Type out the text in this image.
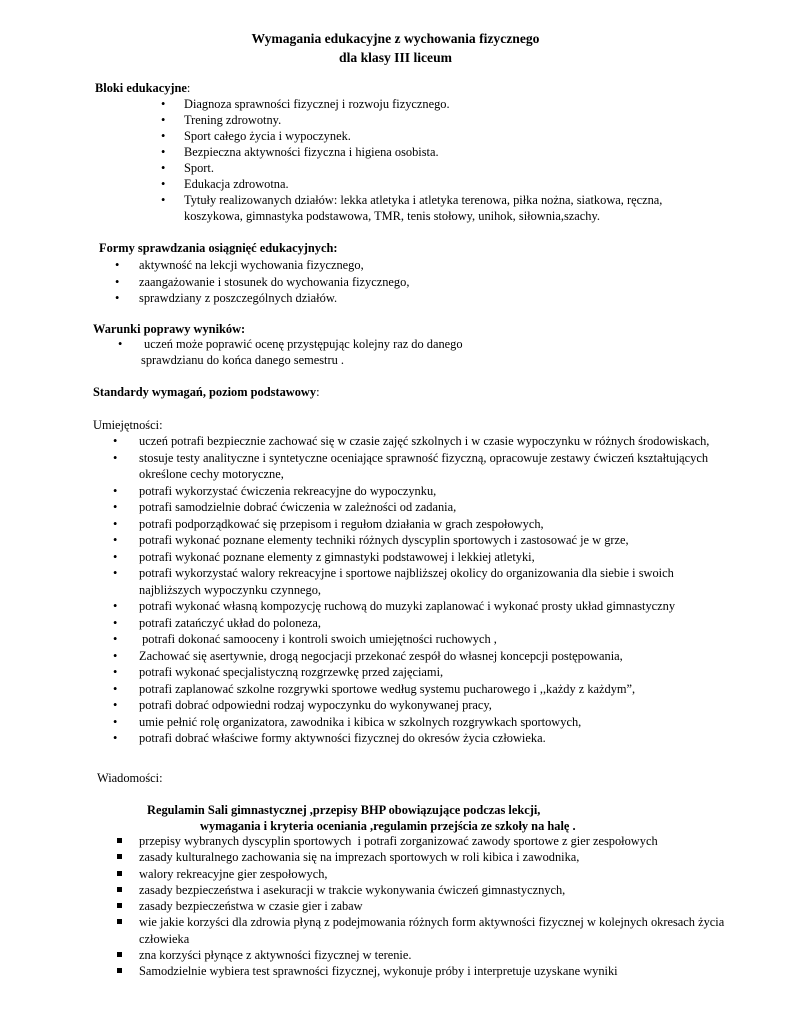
Wymagania edukacyjne z wychowania fizycznego
dla klasy III liceum
Bloki edukacyjne:
•
Diagnoza sprawności fizycznej i rozwoju fizycznego.
•
Trening zdrowotny.
•
Sport całego życia i wypoczynek.
•
Bezpieczna aktywności fizyczna i higiena osobista.
•
Sport.
•
Edukacja zdrowotna.
•
Tytuły realizowanych działów: lekka atletyka i atletyka terenowa, piłka nożna, siatkowa, ręczna,
koszykowa, gimnastyka podstawowa, TMR, tenis stołowy, unihok, siłownia,szachy.
Formy sprawdzania osiągnięć edukacyjnych:
•
aktywność na lekcji wychowania fizycznego,
•
zaangażowanie i stosunek do wychowania fizycznego,
•
sprawdziany z poszczególnych działów.
Warunki poprawy wyników:
•
uczeń może poprawić ocenę przystępując kolejny raz do danego
sprawdzianu do końca danego semestru .
Standardy wymagań, poziom podstawowy:
Umiejętności:
•
uczeń potrafi bezpiecznie zachować się w czasie zajęć szkolnych i w czasie wypoczynku w różnych środowiskach,
•
stosuje testy analityczne i syntetyczne oceniające sprawność fizyczną, opracowuje zestawy ćwiczeń kształtujących
określone cechy motoryczne,
•
potrafi wykorzystać ćwiczenia rekreacyjne do wypoczynku,
•
potrafi samodzielnie dobrać ćwiczenia w zależności od zadania,
•
potrafi podporządkować się przepisom i regułom działania w grach zespołowych,
•
potrafi wykonać poznane elementy techniki różnych dyscyplin sportowych i zastosować je w grze,
•
potrafi wykonać poznane elementy z gimnastyki podstawowej i lekkiej atletyki,
•
potrafi wykorzystać walory rekreacyjne i sportowe najbliższej okolicy do organizowania dla siebie i swoich
najbliższych wypoczynku czynnego,
•
potrafi wykonać własną kompozycję ruchową do muzyki zaplanować i wykonać prosty układ gimnastyczny
•
potrafi zatańczyć układ do poloneza,
•
potrafi dokonać samooceny i kontroli swoich umiejętności ruchowych ,
•
Zachować się asertywnie, drogą negocjacji przekonać zespół do własnej koncepcji postępowania,
•
potrafi wykonać specjalistyczną rozgrzewkę przed zajęciami,
•
potrafi zaplanować szkolne rozgrywki sportowe według systemu pucharowego i ,,każdy z każdym”,
•
potrafi dobrać odpowiedni rodzaj wypoczynku do wykonywanej pracy,
•
umie pełnić rolę organizatora, zawodnika i kibica w szkolnych rozgrywkach sportowych,
•
potrafi dobrać właściwe formy aktywności fizycznej do okresów życia człowieka.
Wiadomości:
Regulamin Sali gimnastycznej ,przepisy BHP obowiązujące podczas lekcji,
wymagania i kryteria oceniania ,regulamin przejścia ze szkoły na halę .
przepisy wybranych dyscyplin sportowych  i potrafi zorganizować zawody sportowe z gier zespołowych
zasady kulturalnego zachowania się na imprezach sportowych w roli kibica i zawodnika,
walory rekreacyjne gier zespołowych,
zasady bezpieczeństwa i asekuracji w trakcie wykonywania ćwiczeń gimnastycznych,
zasady bezpieczeństwa w czasie gier i zabaw
wie jakie korzyści dla zdrowia płyną z podejmowania różnych form aktywności fizycznej w kolejnych okresach życia
człowieka
zna korzyści płynące z aktywności fizycznej w terenie.
Samodzielnie wybiera test sprawności fizycznej, wykonuje próby i interpretuje uzyskane wyniki
